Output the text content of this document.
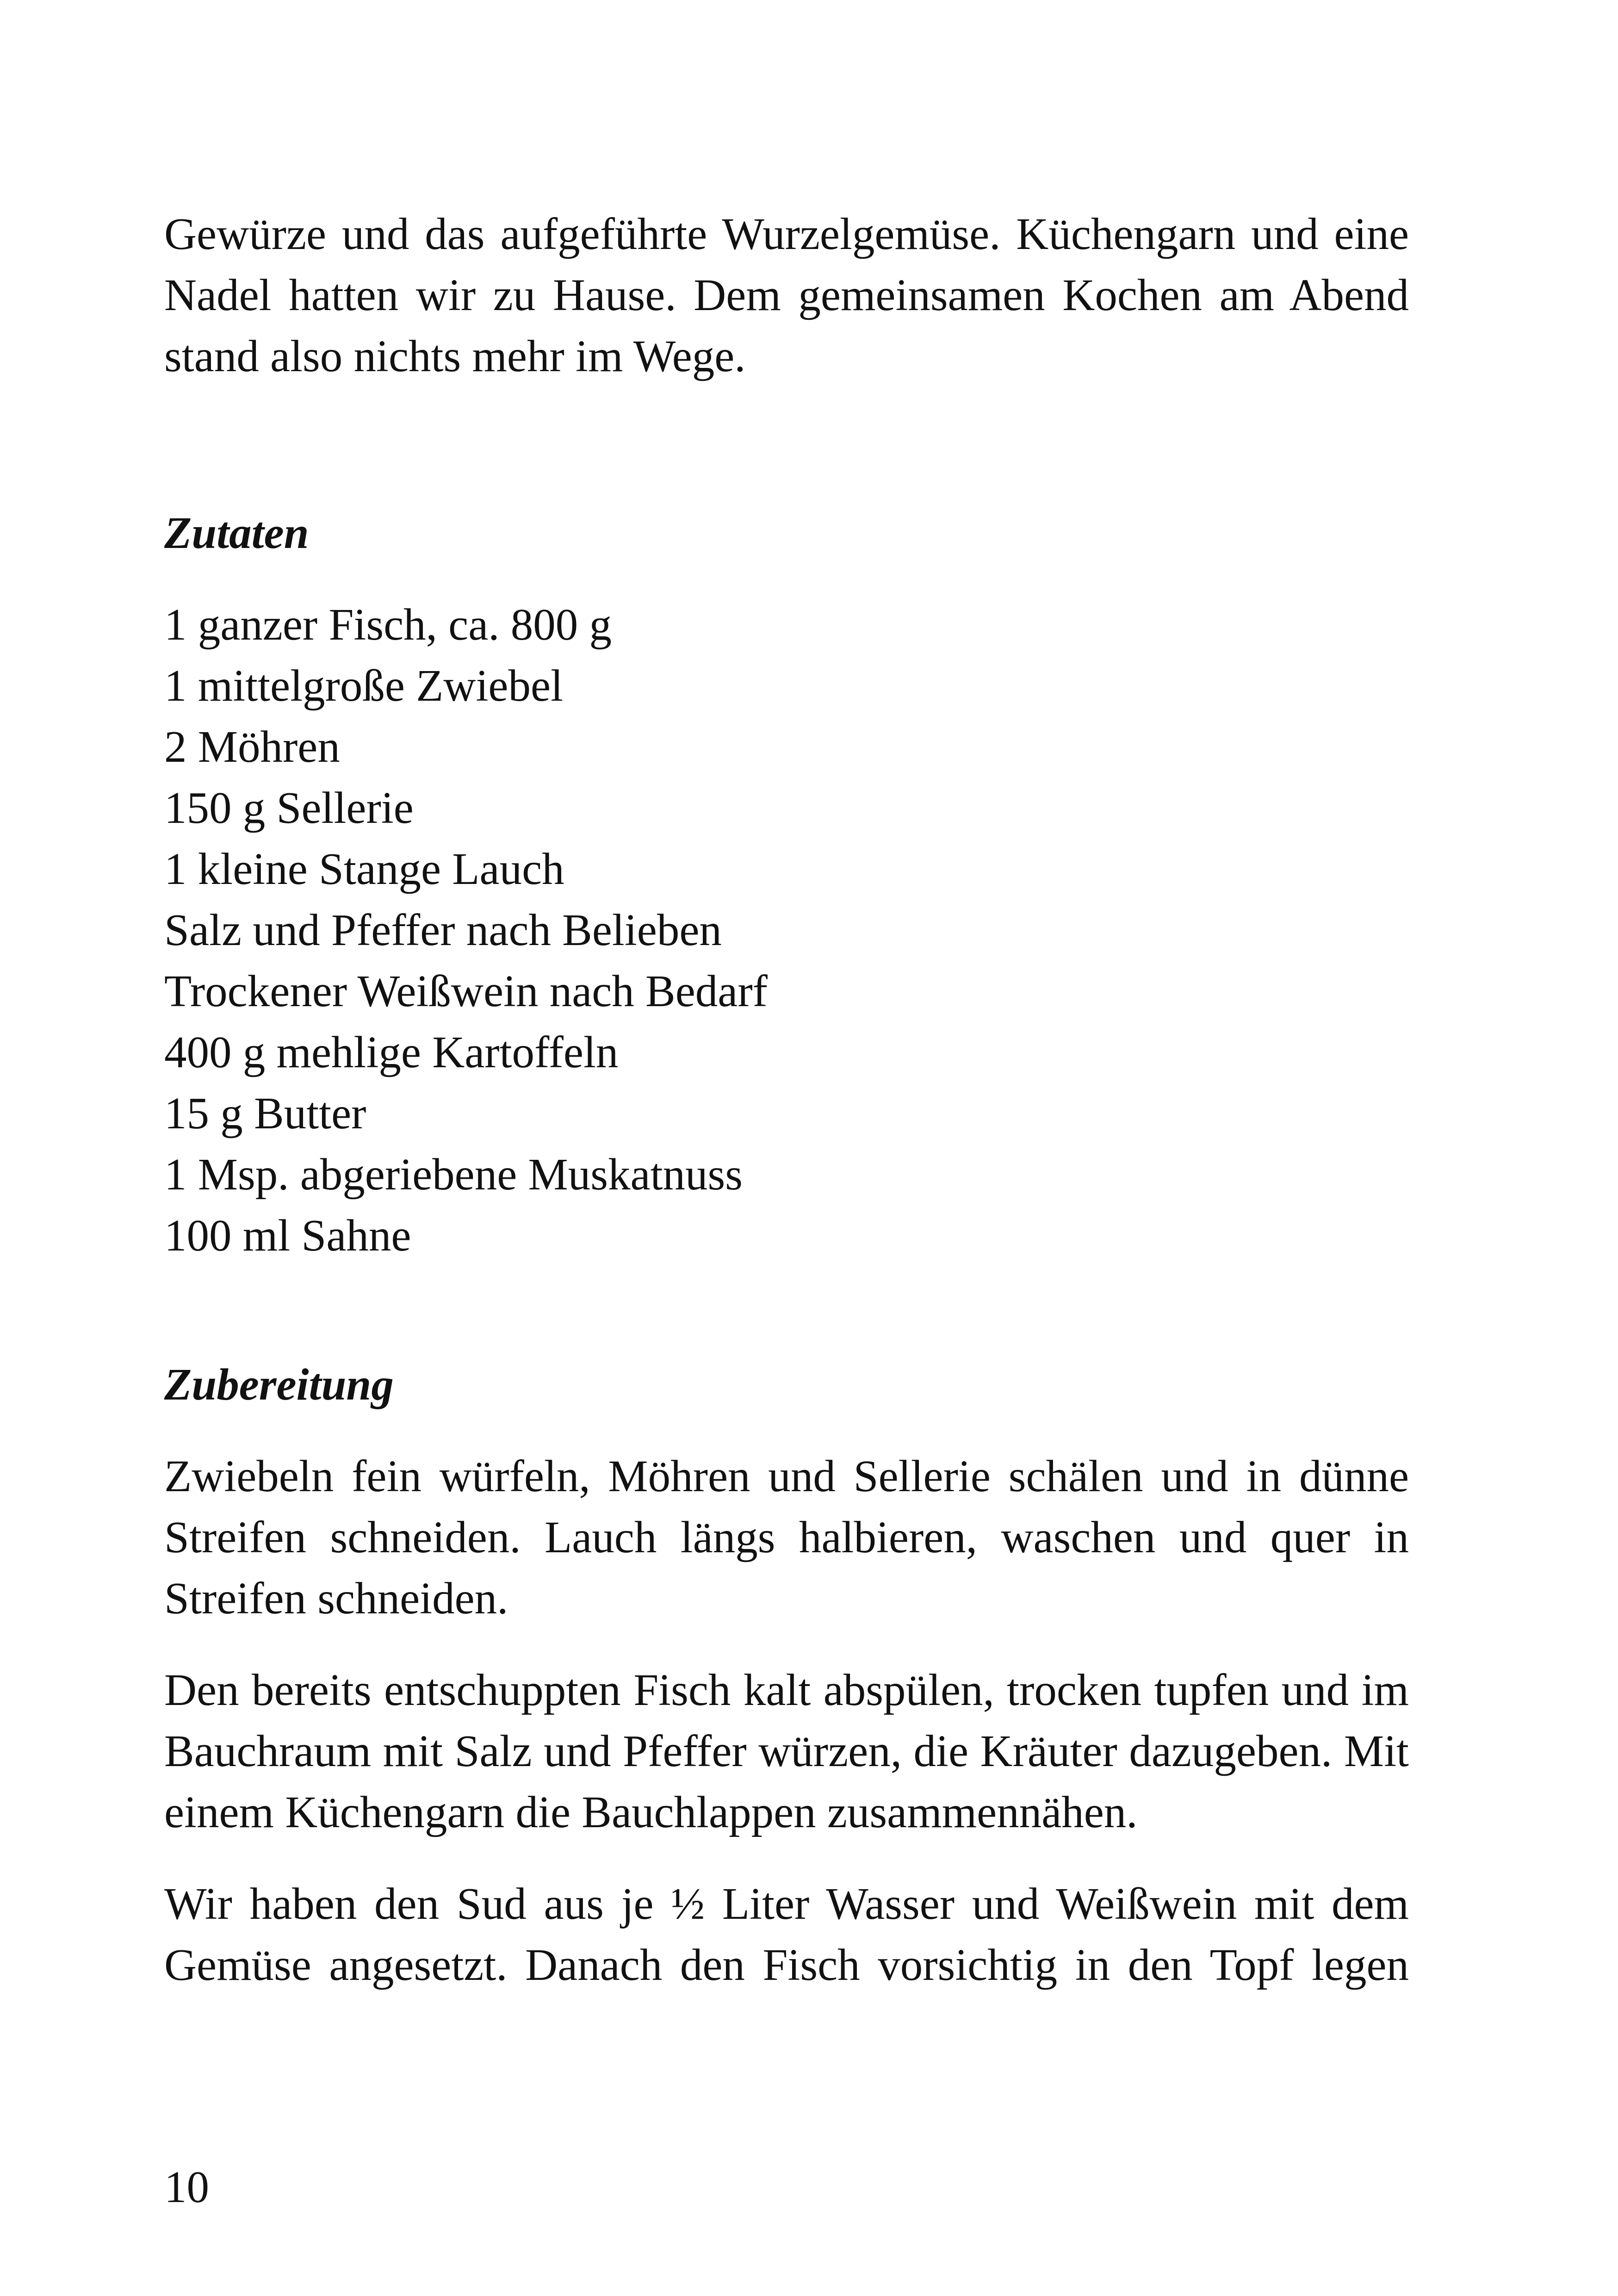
Gewürze und das aufgeführte Wurzelgemüse. Küchengarn und eine Nadel hatten wir zu Hause. Dem gemeinsamen Kochen am Abend stand also nichts mehr im Wege.

Zutaten
1 ganzer Fisch, ca. 800 g
1 mittelgroße Zwiebel
2 Möhren
150 g Sellerie
1 kleine Stange Lauch
Salz und Pfeffer nach Belieben
Trockener Weißwein nach Bedarf
400 g mehlige Kartoffeln
15 g Butter
1 Msp. abgeriebene Muskatnuss
100 ml Sahne
Zubereitung

Zwiebeln fein würfeln, Möhren und Sellerie schälen und in dünne Streifen schneiden. Lauch längs halbieren, waschen und quer in Streifen schneiden.

Den bereits entschuppten Fisch kalt abspülen, trocken tupfen und im Bauchraum mit Salz und Pfeffer würzen, die Kräuter dazugeben. Mit einem Küchengarn die Bauchlappen zusammennähen.

Wir haben den Sud aus je ½ Liter Wasser und Weißwein mit dem Gemüse angesetzt. Danach den Fisch vorsichtig in den Topf legen

10
